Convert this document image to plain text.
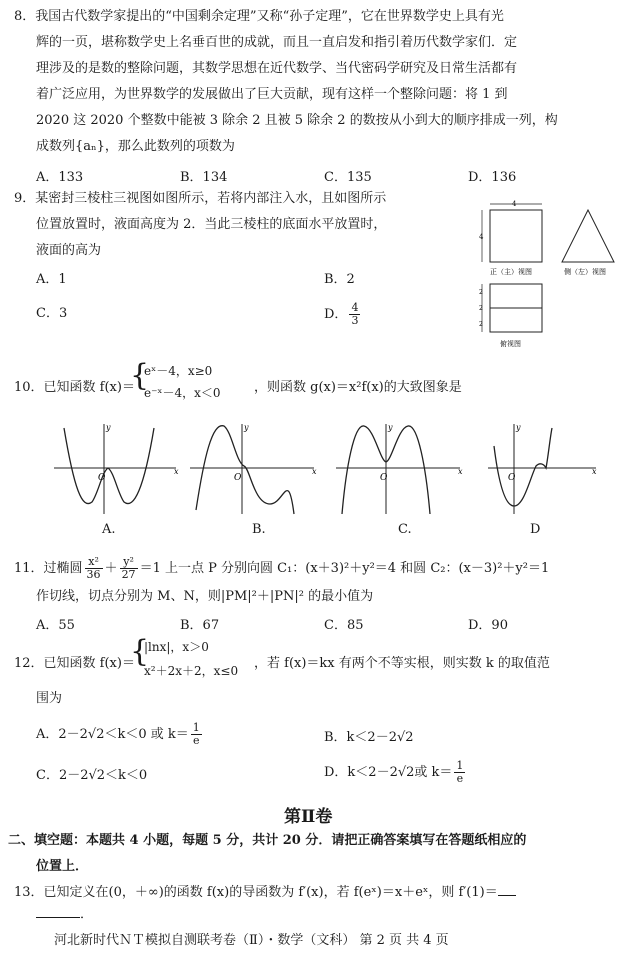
8．我国古代数学家提出的“中国剩余定理”又称“孙子定理”，它在世界数学史上具有光
辉的一页，堪称数学史上名垂百世的成就，而且一直启发和指引着历代数学家们．定
理涉及的是数的整除问题，其数学思想在近代数学、当代密码学研究及日常生活都有
着广泛应用，为世界数学的发展做出了巨大贡献，现有这样一个整除问题：将 1 到
2020 这 2020 个整数中能被 3 除余 2 且被 5 除余 2 的数按从小到大的顺序排成一列，构
成数列{aₙ}，那么此数列的项数为
A．133	B．134	C．135	D．136
9．某密封三棱柱三视图如图所示，若将内部注入水，且如图所示
位置放置时，液面高度为 2．当此三棱柱的底面水平放置时，
液面的高为
A．1	B．2
C．3	D． $\frac{4}{3}$
4
4
正（主）视图	侧（左）视图
2
2
2
俯视图
10．已知函数 f(x)＝
{
eˣ－4，x≥0
e⁻ˣ－4，x＜0	，则函数 g(x)＝x²f(x)的大致图象是
y
x
O
A.
y
x
O
B.
y
x
O
C.
y
x
O
D
11．过椭圆 $\frac{\text{x²}}{36} + \frac{\text{y²}}{27} =1$ 上一点 P 分别向圆 C₁：(x＋3)²＋y²＝4 和圆 C₂：(x－3)²＋y²＝1
作切线，切点分别为 M、N，则|PM|²＋|PN|² 的最小值为
A．55	B．67	C．85	D．90
12．已知函数 f(x)＝
{
|lnx|，x＞0
x²＋2x＋2，x≤0 ，若 f(x)＝kx 有两个不等实根，则实数 k 的取值范
围为
A．2－2√2＜k＜0 或 $k= \frac{1}{e}$	B．k＜2－2√2
C．2－2√2＜k＜0	D．k＜2－2√2或 $k= \frac{1}{e}$
第Ⅱ卷
二、填空题：本题共 4 小题，每题 5 分，共计 20 分．请把正确答案填写在答题纸相应的
位置上．
13．已知定义在(0，＋∞)的函数 f(x)的导函数为 f′(x)，若 f(eˣ)＝x＋eˣ，则 f′(1)＝
．
河北新时代ＮＴ模拟自测联考卷（Ⅱ）・数学（文科） 第 2 页 共 4 页
